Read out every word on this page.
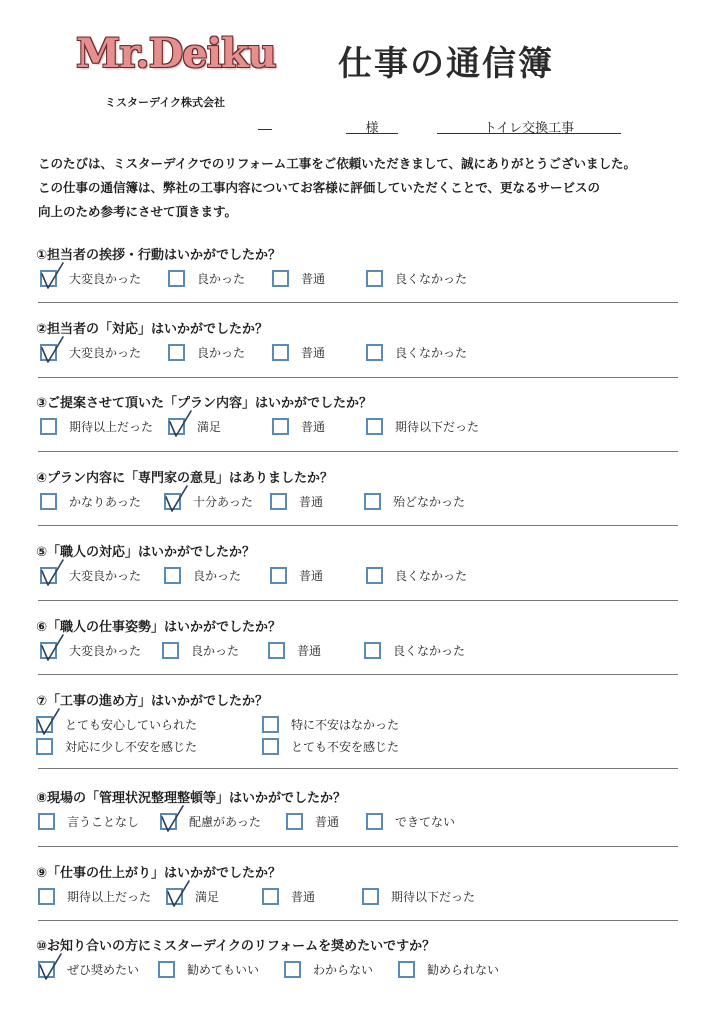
Mr.Deiku 仕事の通信簿
ミスターデイク株式会社
様	トイレ交換工事
このたびは、ミスターデイクでのリフォーム工事をご依頼いただきまして、誠にありがとうございました。
この仕事の通信簿は、弊社の工事内容についてお客様に評価していただくことで、更なるサービスの
向上のため参考にさせて頂きます。
①担当者の挨拶・行動はいかがでしたか？
大変良かった	良かった	普通	良くなかった
②担当者の「対応」はいかがでしたか？
大変良かった	良かった	普通	良くなかった
③ご提案させて頂いた「プラン内容」はいかがでしたか？
期待以上だった	満足	普通	期待以下だった
④プラン内容に「専門家の意見」はありましたか？
かなりあった	十分あった	普通	殆どなかった
⑤「職人の対応」はいかがでしたか？
大変良かった	良かった	普通	良くなかった
⑥「職人の仕事姿勢」はいかがでしたか？
大変良かった	良かった	普通	良くなかった
⑦「工事の進め方」はいかがでしたか？
とても安心していられた	特に不安はなかった
対応に少し不安を感じた	とても不安を感じた
⑧現場の「管理状況整理整頓等」はいかがでしたか？
言うことなし	配慮があった	普通	できてない
⑨「仕事の仕上がり」はいかがでしたか？
期待以上だった	満足	普通	期待以下だった
⑩お知り合いの方にミスターデイクのリフォームを奨めたいですか？
ぜひ奨めたい	勧めてもいい	わからない	勧められない
